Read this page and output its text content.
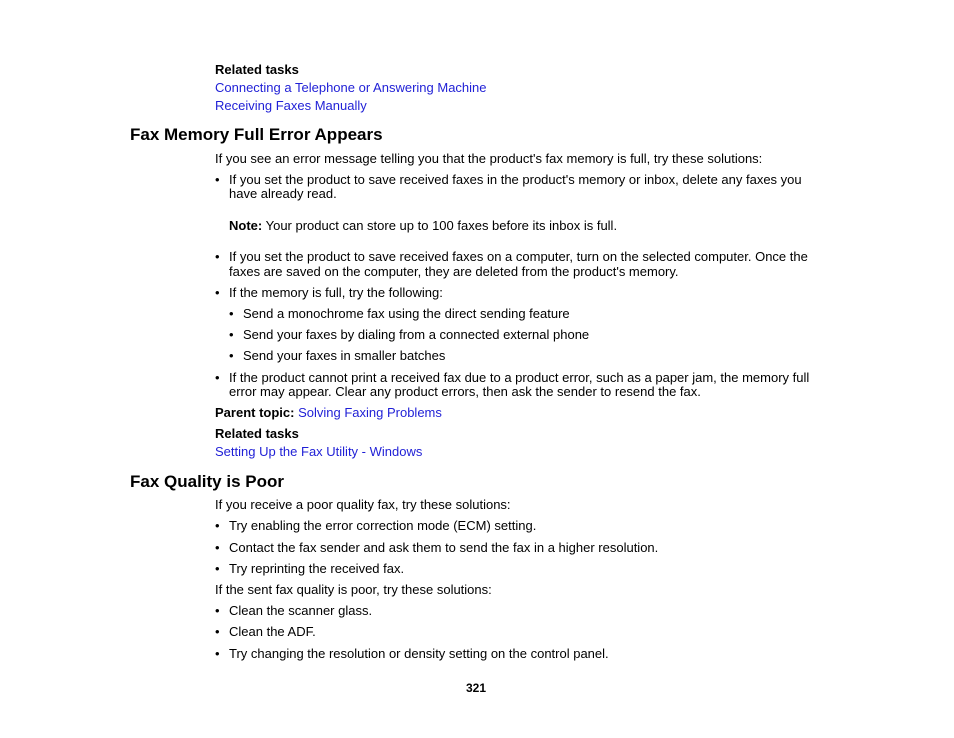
Related tasks
Connecting a Telephone or Answering Machine
Receiving Faxes Manually
Fax Memory Full Error Appears
If you see an error message telling you that the product's fax memory is full, try these solutions:
• If you set the product to save received faxes in the product's memory or inbox, delete any faxes you
have already read.
Note: Your product can store up to 100 faxes before its inbox is full.
• If you set the product to save received faxes on a computer, turn on the selected computer. Once the
faxes are saved on the computer, they are deleted from the product's memory.
• If the memory is full, try the following:
• Send a monochrome fax using the direct sending feature
• Send your faxes by dialing from a connected external phone
• Send your faxes in smaller batches
• If the product cannot print a received fax due to a product error, such as a paper jam, the memory full
error may appear. Clear any product errors, then ask the sender to resend the fax.
Parent topic: Solving Faxing Problems
Related tasks
Setting Up the Fax Utility - Windows
Fax Quality is Poor
If you receive a poor quality fax, try these solutions:
• Try enabling the error correction mode (ECM) setting.
• Contact the fax sender and ask them to send the fax in a higher resolution.
• Try reprinting the received fax.
If the sent fax quality is poor, try these solutions:
• Clean the scanner glass.
• Clean the ADF.
• Try changing the resolution or density setting on the control panel.
321
